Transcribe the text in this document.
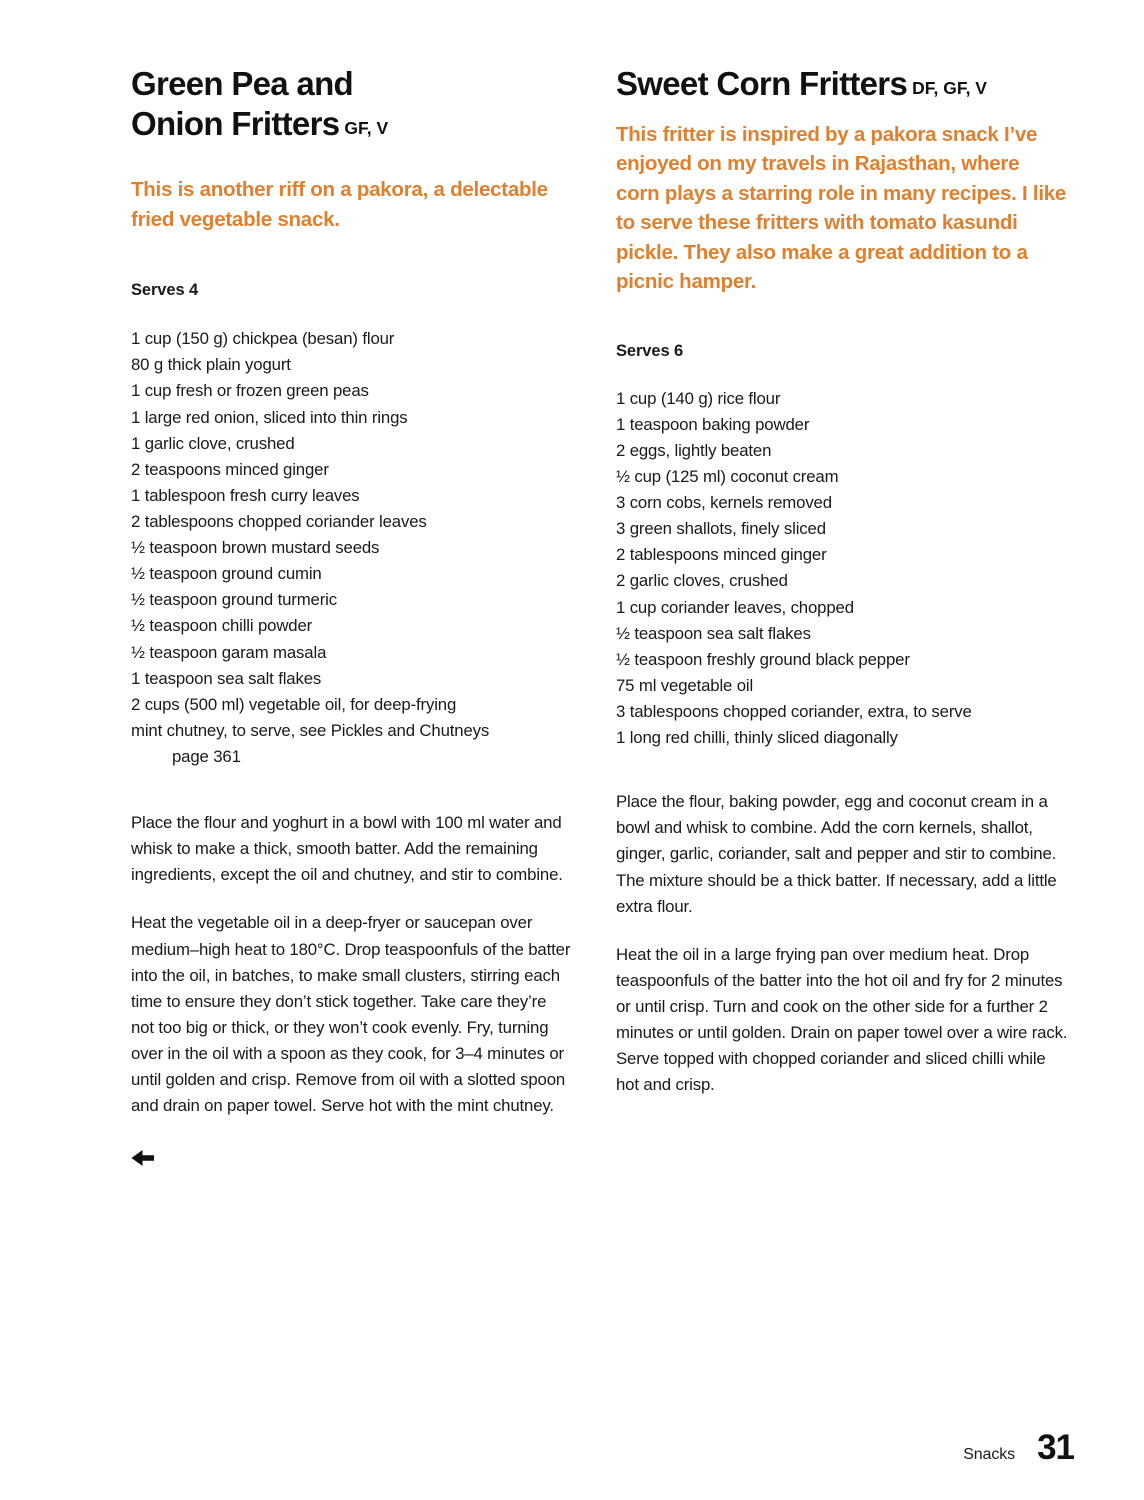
Green Pea and
Onion Fritters GF, V

This is another riff on a pakora, a delectable fried vegetable snack.

Serves 4

1 cup (150 g) chickpea (besan) flour
80 g thick plain yogurt
1 cup fresh or frozen green peas
1 large red onion, sliced into thin rings
1 garlic clove, crushed
2 teaspoons minced ginger
1 tablespoon fresh curry leaves
2 tablespoons chopped coriander leaves
½ teaspoon brown mustard seeds
½ teaspoon ground cumin
½ teaspoon ground turmeric
½ teaspoon chilli powder
½ teaspoon garam masala
1 teaspoon sea salt flakes
2 cups (500 ml) vegetable oil, for deep-frying
mint chutney, to serve, see Pickles and Chutneys
page 361

Place the flour and yoghurt in a bowl with 100 ml water and whisk to make a thick, smooth batter. Add the remaining ingredients, except the oil and chutney, and stir to combine.

Heat the vegetable oil in a deep-fryer or saucepan over medium–high heat to 180°C. Drop teaspoonfuls of the batter into the oil, in batches, to make small clusters, stirring each time to ensure they don’t stick together. Take care they’re not too big or thick, or they won’t cook evenly. Fry, turning over in the oil with a spoon as they cook, for 3–4 minutes or until golden and crisp. Remove from oil with a slotted spoon and drain on paper towel. Serve hot with the mint chutney.

Sweet Corn Fritters DF, GF, V

This fritter is inspired by a pakora snack I’ve enjoyed on my travels in Rajasthan, where corn plays a starring role in many recipes. I like to serve these fritters with tomato kasundi pickle. They also make a great addition to a picnic hamper.

Serves 6

1 cup (140 g) rice flour
1 teaspoon baking powder
2 eggs, lightly beaten
½ cup (125 ml) coconut cream
3 corn cobs, kernels removed
3 green shallots, finely sliced
2 tablespoons minced ginger
2 garlic cloves, crushed
1 cup coriander leaves, chopped
½ teaspoon sea salt flakes
½ teaspoon freshly ground black pepper
75 ml vegetable oil
3 tablespoons chopped coriander, extra, to serve
1 long red chilli, thinly sliced diagonally

Place the flour, baking powder, egg and coconut cream in a bowl and whisk to combine. Add the corn kernels, shallot, ginger, garlic, coriander, salt and pepper and stir to combine. The mixture should be a thick batter. If necessary, add a little extra flour.

Heat the oil in a large frying pan over medium heat. Drop teaspoonfuls of the batter into the hot oil and fry for 2 minutes or until crisp. Turn and cook on the other side for a further 2 minutes or until golden. Drain on paper towel over a wire rack. Serve topped with chopped coriander and sliced chilli while hot and crisp.

Snacks 31
